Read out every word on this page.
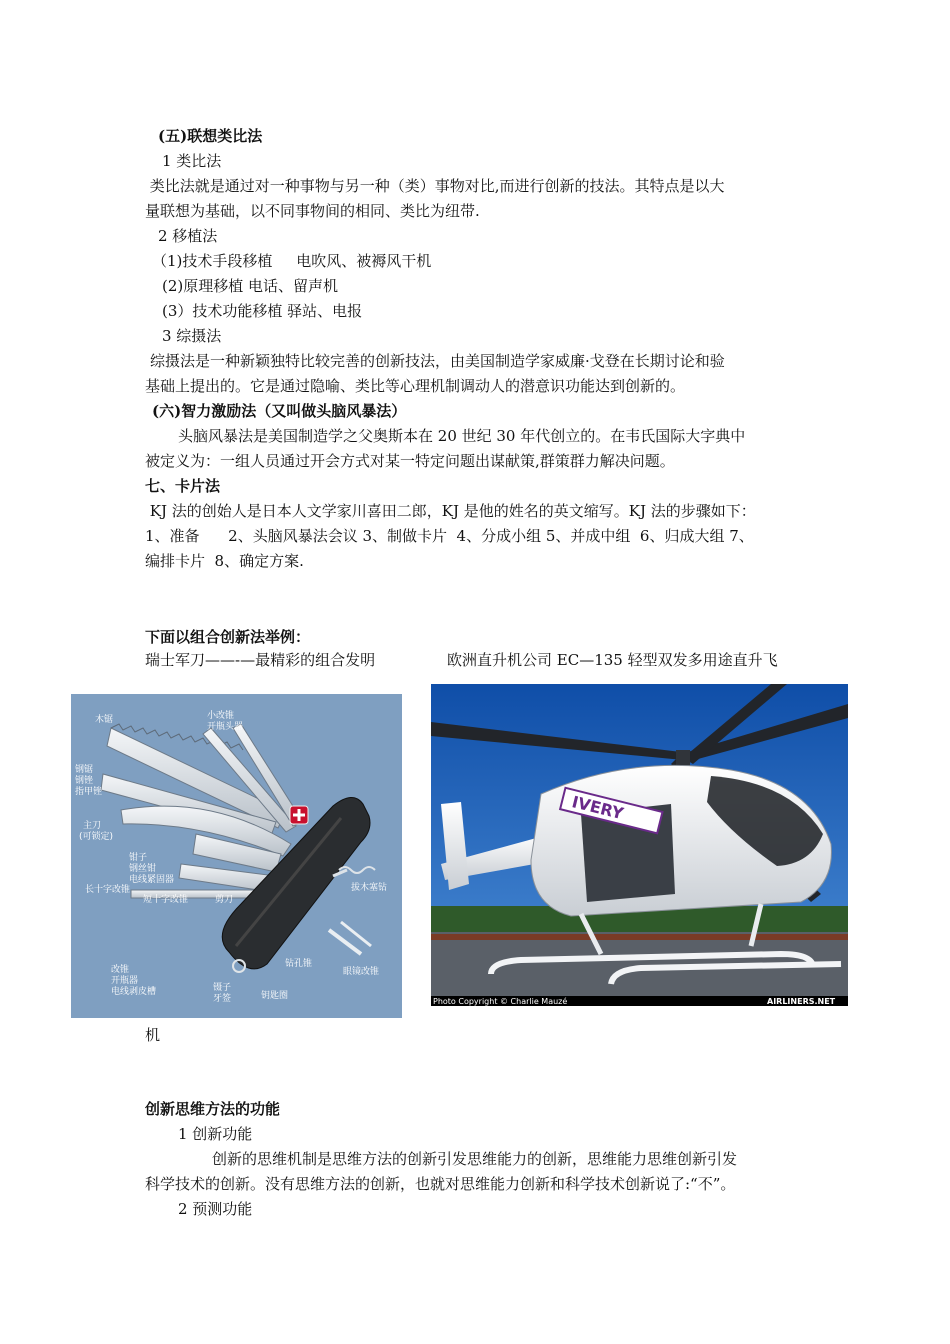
(五)联想类比法
1 类比法
类比法就是通过对一种事物与另一种（类）事物对比,而进行创新的技法。其特点是以大
量联想为基础，以不同事物间的相同、类比为纽带.
2 移植法
（1)技术手段移植     电吹风、被褥风干机
(2)原理移植 电话、留声机
(3）技术功能移植 驿站、电报
3 综摄法
综摄法是一种新颖独特比较完善的创新技法，由美国制造学家威廉·戈登在长期讨论和验
基础上提出的。它是通过隐喻、类比等心理机制调动人的潜意识功能达到创新的。
(六)智力激励法（又叫做头脑风暴法）
头脑风暴法是美国制造学之父奥斯本在 20 世纪 30 年代创立的。在韦氏国际大字典中
被定义为：一组人员通过开会方式对某一特定问题出谋献策,群策群力解决问题。
七、卡片法
KJ 法的创始人是日本人文学家川喜田二郎，KJ 是他的姓名的英文缩写。KJ 法的步骤如下：
1、准备      2、头脑风暴法会议 3、制做卡片  4、分成小组 5、并成中组  6、归成大组 7、
编排卡片  8、确定方案.
下面以组合创新法举例：
瑞士军刀——-—最精彩的组合发明	欧洲直升机公司 EC—135 轻型双发多用途直升飞
木锯	小改锥
开瓶头器
钢锯
钢锉
指甲锉
主刀
(可锁定)
钳子
钢丝钳
电线紧固器
长十字改锥
短十字改锥	剪刀
拔木塞钻
改锥
开瓶器
电线剥皮槽
钻孔锥
眼镜改锥
镊子
牙签	钥匙圈
IVERY
Photo Copyright © Charlie Mauzé	AIRLINERS.NET
机
创新思维方法的功能
1 创新功能
创新的思维机制是思维方法的创新引发思维能力的创新，思维能力思维创新引发
科学技术的创新。没有思维方法的创新，也就对思维能力创新和科学技术创新说了:“不”。
2 预测功能
